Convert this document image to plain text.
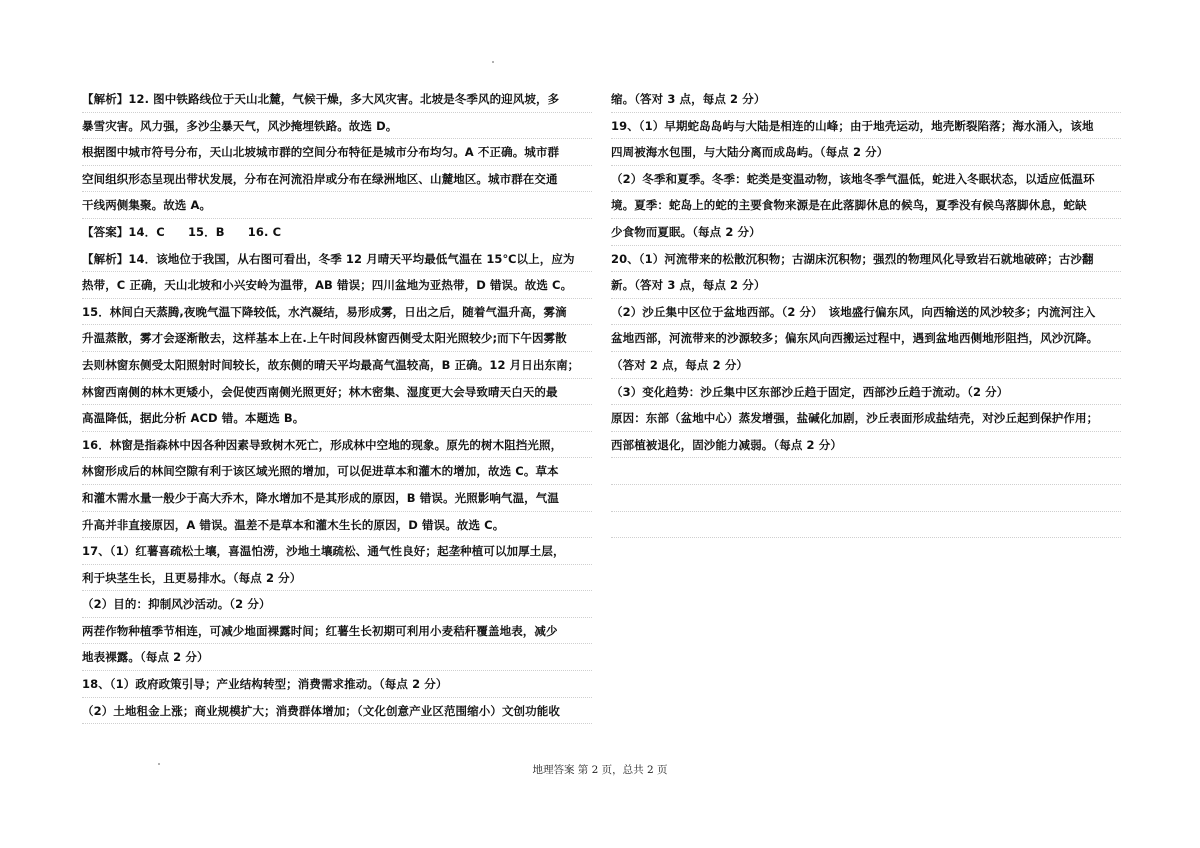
【解析】12. 图中铁路线位于天山北麓，气候干燥，多大风灾害。北坡是冬季风的迎风坡，多
暴雪灾害。风力强，多沙尘暴天气，风沙掩埋铁路。故选 D。
根据图中城市符号分布，天山北坡城市群的空间分布特征是城市分布均匀。A 不正确。城市群
空间组织形态呈现出带状发展，分布在河流沿岸或分布在绿洲地区、山麓地区。城市群在交通
干线两侧集聚。故选 A。
【答案】14．C　　15．B　　16. C
【解析】14．该地位于我国，从右图可看出，冬季 12 月晴天平均最低气温在 15℃以上，应为
热带，C 正确，天山北坡和小兴安岭为温带，AB 错误；四川盆地为亚热带，D 错误。故选 C。
15．林间白天蒸腾,夜晚气温下降较低，水汽凝结，易形成雾，日出之后，随着气温升高，雾滴
升温蒸散，雾才会逐渐散去，这样基本上在.上午时间段林窗西侧受太阳光照较少;而下午因雾散
去则林窗东侧受太阳照射时间较长，故东侧的晴天平均最高气温较高，B 正确。12 月日出东南；
林窗西南侧的林木更矮小，会促使西南侧光照更好；林木密集、湿度更大会导致晴天白天的最
高温降低，据此分析 ACD 错。本题选 B。
16．林窗是指森林中因各种因素导致树木死亡，形成林中空地的现象。原先的树木阻挡光照，
林窗形成后的林间空隙有利于该区域光照的增加，可以促进草本和灌木的增加，故选 C。草本
和灌木需水量一般少于高大乔木，降水增加不是其形成的原因，B 错误。光照影响气温，气温
升高并非直接原因，A 错误。温差不是草本和灌木生长的原因，D 错误。故选 C。
17、（1）红薯喜疏松土壤，喜温怕涝，沙地土壤疏松、通气性良好；起垄种植可以加厚土层，
利于块茎生长，且更易排水。（每点 2 分）
（2）目的：抑制风沙活动。（2 分）
两茬作物种植季节相连，可减少地面裸露时间；红薯生长初期可利用小麦秸秆覆盖地表，减少
地表裸露。（每点 2 分）
18、（1）政府政策引导；产业结构转型；消费需求推动。（每点 2 分）
（2）土地租金上涨；商业规模扩大；消费群体增加；（文化创意产业区范围缩小）文创功能收
缩。（答对 3 点，每点 2 分）
19、（1）早期蛇岛岛屿与大陆是相连的山峰；由于地壳运动，地壳断裂陷落；海水涌入，该地
四周被海水包围，与大陆分离而成岛屿。（每点 2 分）
（2）冬季和夏季。冬季：蛇类是变温动物，该地冬季气温低，蛇进入冬眠状态，以适应低温环
境。夏季：蛇岛上的蛇的主要食物来源是在此落脚休息的候鸟，夏季没有候鸟落脚休息，蛇缺
少食物而夏眠。（每点 2 分）
20、（1）河流带来的松散沉积物；古湖床沉积物；强烈的物理风化导致岩石就地破碎；古沙翻
新。（答对 3 点，每点 2 分）
（2）沙丘集中区位于盆地西部。（2 分）　该地盛行偏东风，向西输送的风沙较多；内流河注入
盆地西部，河流带来的沙源较多；偏东风向西搬运过程中，遇到盆地西侧地形阻挡，风沙沉降。
（答对 2 点，每点 2 分）
（3）变化趋势：沙丘集中区东部沙丘趋于固定，西部沙丘趋于流动。（2 分）
原因：东部（盆地中心）蒸发增强，盐碱化加剧，沙丘表面形成盐结壳，对沙丘起到保护作用；
西部植被退化，固沙能力减弱。（每点 2 分）
地理答案 第 2 页，总共 2 页
